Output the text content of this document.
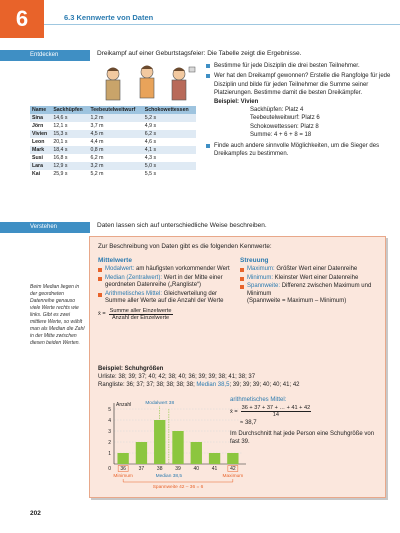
6	6.3 Kennwerte von Daten
Entdecken	Dreikampf auf einer Geburtstagsfeier: Die Tabelle zeigt die Ergebnisse.
Name	Sackhüpfen	Teebeutelweitwurf	Schokowettessen
Sina	14,6 s	1,2 m	5,2 s
Jörn	12,1 s	3,7 m	4,9 s
Vivien	15,3 s	4,5 m	6,2 s
Leon	20,1 s	4,4 m	4,6 s
Mark	18,4 s	0,8 m	4,1 s
Susi	16,8 s	6,2 m	4,3 s
Lara	12,9 s	3,2 m	5,0 s
Kai	25,9 s	5,2 m	5,5 s
Bestimme für jede Disziplin die drei besten Teilnehmer.
Wer hat den Dreikampf gewonnen? Erstelle die Rangfolge für jede Disziplin und bilde für jeden Teilnehmer die Summe seiner Platzierungen. Bestimme damit die besten Dreikämpfer.
Beispiel: Vivien
Sackhüpfen: Platz 4
Teebeutelweitwurf: Platz 6
Schokowettessen: Platz 8
Summe: 4 + 6 + 8 = 18
Finde auch andere sinnvolle Möglichkeiten, um die Sieger des Dreikampfes zu bestimmen.
Verstehen	Daten lassen sich auf unterschiedliche Weise beschreiben.
Beim Median liegen in der geordneten Datenreihe genauso viele Werte rechts wie links. Gibt es zwei mittlere Werte, so wählt man als Median die Zahl in der Mitte zwischen diesen beiden Werten.
Zur Beschreibung von Daten gibt es die folgenden Kennwerte:
Mittelwerte
Modalwert: am häufigsten vorkommender Wert
Median (Zentralwert): Wert in der Mitte einer geordneten Datenreihe („Rangliste“)
Arithmetisches Mittel: Gleichverteilung der Summe aller Werte auf die Anzahl der Werte
x̄ = $\frac{\text{Summe aller Einzelwerte}}{\text{Anzahl der Einzelwerte}}$
Streuung
Maximum: Größter Wert einer Datenreihe
Minimum: Kleinster Wert einer Datenreihe
Spannweite: Differenz zwischen Maximum und Minimum
(Spannweite = Maximum – Minimum)
Beispiel: Schuhgrößen
Urliste: 38; 39; 37; 40; 42; 38; 40; 36; 39; 39; 38; 41; 38; 37
Rangliste: 36; 37; 37; 38; 38; 38; 38; Median 38,5; 39; 39; 39; 40; 40; 41; 42
1
2
3
4
5
Anzahl
0 36	37	38	39	40	41	42
Modalwert 38
Minimum	Median 38,5	Maximum
Spannweite 42 – 36 = 6
arithmetisches Mittel:
x̄ = $\frac{36 + 37 + 37 + \dots + 41 + 42}{14}$
≈ 38,7
Im Durchschnitt hat jede Person eine Schuhgröße von fast 39.
202
